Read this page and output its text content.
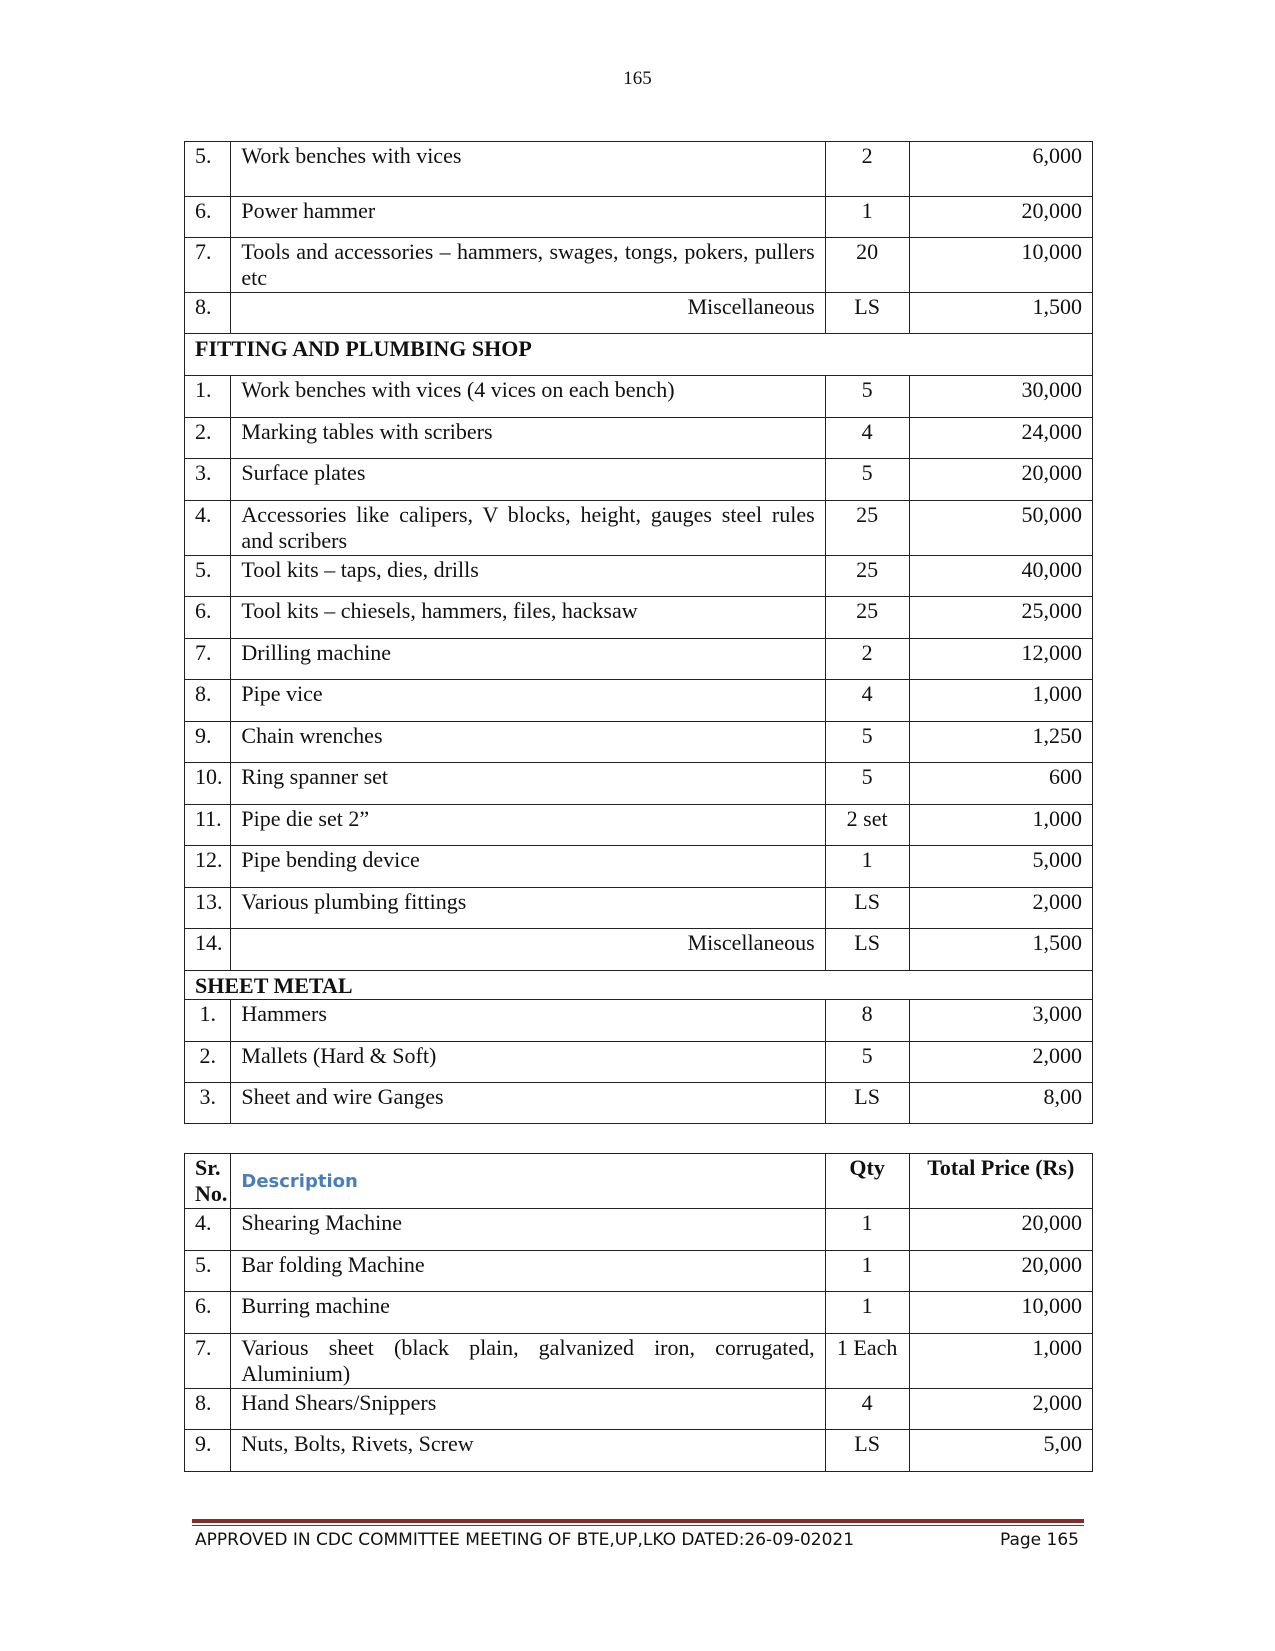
165
5.	Work benches with vices	2	6,000
6.	Power hammer	1	20,000
7.	Tools and accessories – hammers, swages, tongs, pokers, pullers etc	20	10,000
8.	Miscellaneous	LS	1,500
FITTING AND PLUMBING SHOP			
1.	Work benches with vices (4 vices on each bench)	5	30,000
2.	Marking tables with scribers	4	24,000
3.	Surface plates	5	20,000
4.	Accessories like calipers, V blocks, height, gauges steel rules and scribers	25	50,000
5.	Tool kits – taps, dies, drills	25	40,000
6.	Tool kits – chiesels, hammers, files, hacksaw	25	25,000
7.	Drilling machine	2	12,000
8.	Pipe vice	4	1,000
9.	Chain wrenches	5	1,250
10.	Ring spanner set	5	600
11.	Pipe die set 2”	2 set	1,000
12.	Pipe bending device	1	5,000
13.	Various plumbing fittings	LS	2,000
14.	Miscellaneous	LS	1,500
SHEET METAL			
1.	Hammers	8	3,000
2.	Mallets (Hard & Soft)	5	2,000
3.	Sheet and wire Ganges	LS	8,00
Sr. No.	Description	Qty	Total Price (Rs)
4.	Shearing Machine	1	20,000
5.	Bar folding Machine	1	20,000
6.	Burring machine	1	10,000
7.	Various sheet (black plain, galvanized iron, corrugated, Aluminium)	1 Each	1,000
8.	Hand Shears/Snippers	4	2,000
9.	Nuts, Bolts, Rivets, Screw	LS	5,00
APPROVED IN CDC COMMITTEE MEETING OF BTE,UP,LKO DATED:26-09-02021	Page 165
